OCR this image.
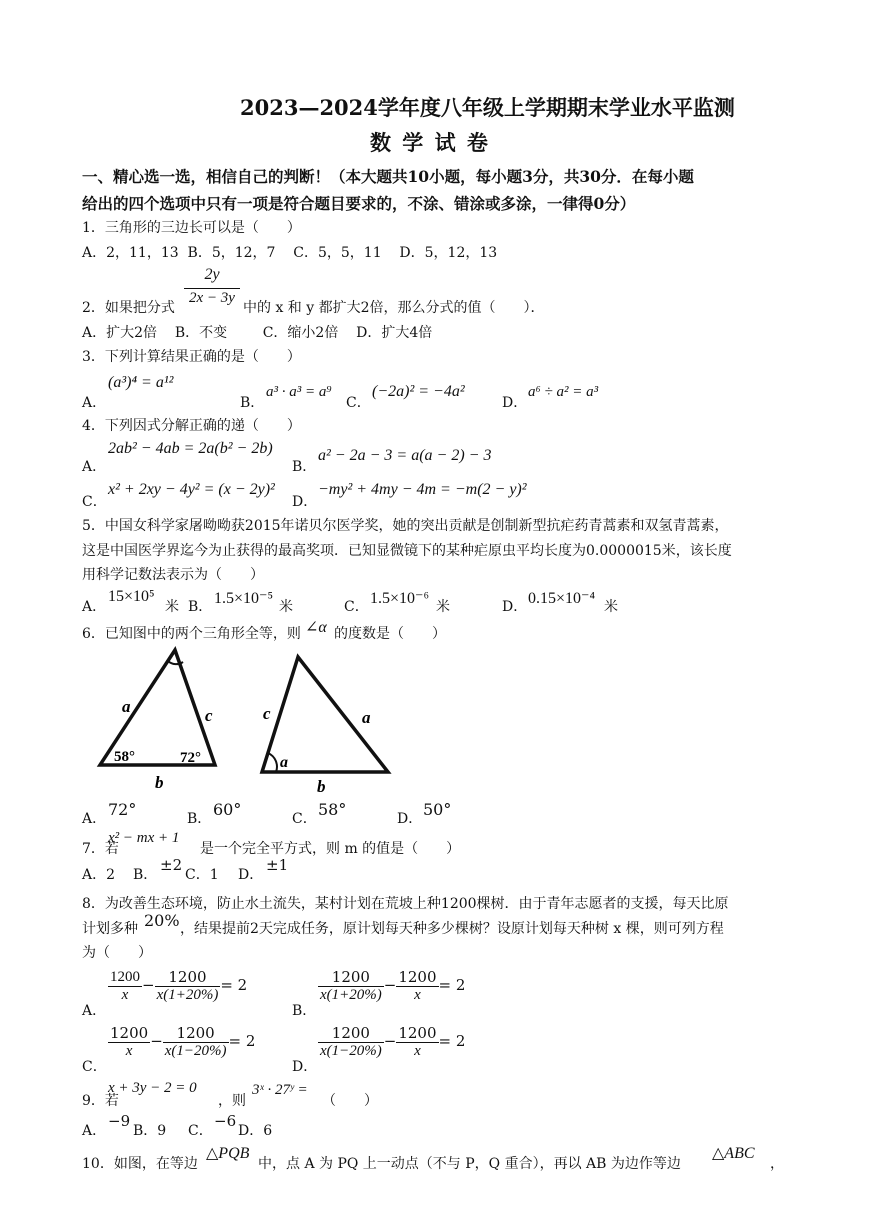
2023—2024学年度八年级上学期期末学业水平监测
数 学 试 卷
一、精心选一选，相信自己的判断！（本大题共10小题，每小题3分，共30分．在每小题
给出的四个选项中只有一项是符合题目要求的，不涂、错涂或多涂，一律得0分）
1．三角形的三边长可以是（　　）
A．2，11，13  B．5，12，7    C．5，5，11    D．5，12，13
2y
2x − 3y
2．如果把分式	中的 x 和 y 都扩大2倍，那么分式的值（　　）．
A．扩大2倍    B．不变        C．缩小2倍    D．扩大4倍
3．下列计算结果正确的是（　　）
A．
(a³)⁴ = a¹²
B．
a³ · a³ = a⁹
C．
(−2a)² = −4a²
D．
a⁶ ÷ a² = a³
4．下列因式分解正确的递（　　）
A．
2ab² − 4ab = 2a(b² − 2b)
B．
a² − 2a − 3 = a(a − 2) − 3
C．
x² + 2xy − 4y² = (x − 2y)²
D．
−my² + 4my − 4m = −m(2 − y)²
5．中国女科学家屠呦呦获2015年诺贝尔医学奖，她的突出贡献是创制新型抗疟药青蒿素和双氢青蒿素，
这是中国医学界迄今为止获得的最高奖项．已知显微镜下的某种疟原虫平均长度为0.0000015米，该长度
用科学记数法表示为（　　）
A．
15×10⁵
米 B． 1.5×10⁻⁵ 米	C． 1.5×10⁻⁶ 米	D． 0.15×10⁻⁴ 米
6．已知图中的两个三角形全等，则 ∠α 的度数是（　　）
a	c
b
58°	72°
c	a
b
a
A． 72°	B． 60°	C． 58°	D． 50°
7．若
x² − mx + 1
是一个完全平方式，则 m 的值是（　　）
A．2 B．
±2
C．1 D．
±1
8．为改善生态环境，防止水土流失，某村计划在荒坡上种1200棵树．由于青年志愿者的支援，每天比原
计划多种 20% ，结果提前2天完成任务，原计划每天种多少棵树？设原计划每天种树 x 棵，则可列方程
为（　　）
A．
$\frac{1200}{x} - \frac{1200}{x(1+20\%)} = 2$
B．
$\frac{1200}{x(1+20\%)} - \frac{1200}{x} = 2$
C．
$\frac{1200}{x} - \frac{1200}{x(1-20\%)} = 2$
D．
$\frac{1200}{x(1-20\%)} - \frac{1200}{x} = 2$
9．若
x + 3y − 2 = 0
，则
3ˣ · 27ʸ =
（　　）
A．
−9
B．9 C．
−6
D．6
10．如图，在等边
△PQB
中，点 A 为 PQ 上一动点（不与 P，Q 重合），再以 AB 为边作等边
△ABC
，
